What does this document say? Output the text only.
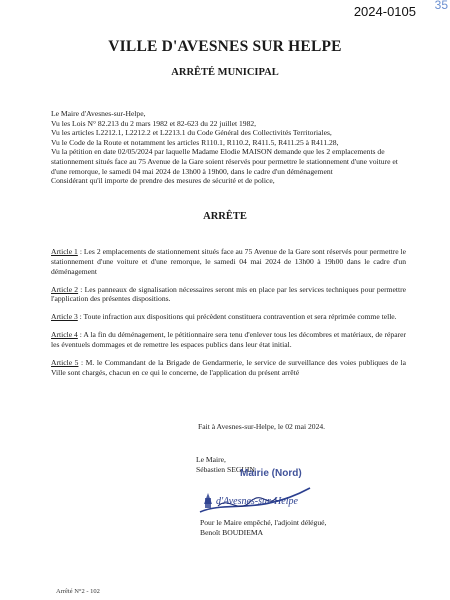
2024-0105 35
VILLE D'AVESNES SUR HELPE
ARRÊTÉ MUNICIPAL

Le Maire d'Avesnes-sur-Helpe,

Vu les Lois N° 82.213 du 2 mars 1982 et 82-623 du 22 juillet 1982,

Vu les articles L2212.1, L2212.2 et L2213.1 du Code Général des Collectivités Territoriales,

Vu le Code de la Route et notamment les articles R110.1, R110.2, R411.5, R411.25 à R411.28,

Vu la pétition en date 02/05/2024 par laquelle Madame Elodie MAISON demande que les 2 emplacements de stationnement situés face au 75 Avenue de la Gare soient réservés pour permettre le stationnement d'une voiture et d'une remorque, le samedi 04 mai 2024 de 13h00 à 19h00, dans le cadre d'un déménagement

Considérant qu'il importe de prendre des mesures de sécurité et de police,

ARRÊTE

Article 1 : Les 2 emplacements de stationnement situés face au 75 Avenue de la Gare sont réservés pour permettre le stationnement d'une voiture et d'une remorque, le samedi 04 mai 2024 de 13h00 à 19h00 dans le cadre d'un déménagement

Article 2 : Les panneaux de signalisation nécessaires seront mis en place par les services techniques pour permettre l'application des présentes dispositions.

Article 3 : Toute infraction aux dispositions qui précèdent constituera contravention et sera réprimée comme telle.

Article 4 : A la fin du déménagement, le pétitionnaire sera tenu d'enlever tous les décombres et matériaux, de réparer les éventuels dommages et de remettre les espaces publics dans leur état initial.

Article 5 : M. le Commandant de la Brigade de Gendarmerie, le service de surveillance des voies publiques de la Ville sont chargés, chacun en ce qui le concerne, de l'application du présent arrêté

Fait à Avesnes-sur-Helpe, le 02 mai 2024.

Le Maire,

Sébastien SEGUIN

Mairie (Nord)
d'Avesnes-sur-Helpe

Pour le Maire empêché, l'adjoint délégué,

Benoît BOUDIEMA

Arrêté N°2 - 102
